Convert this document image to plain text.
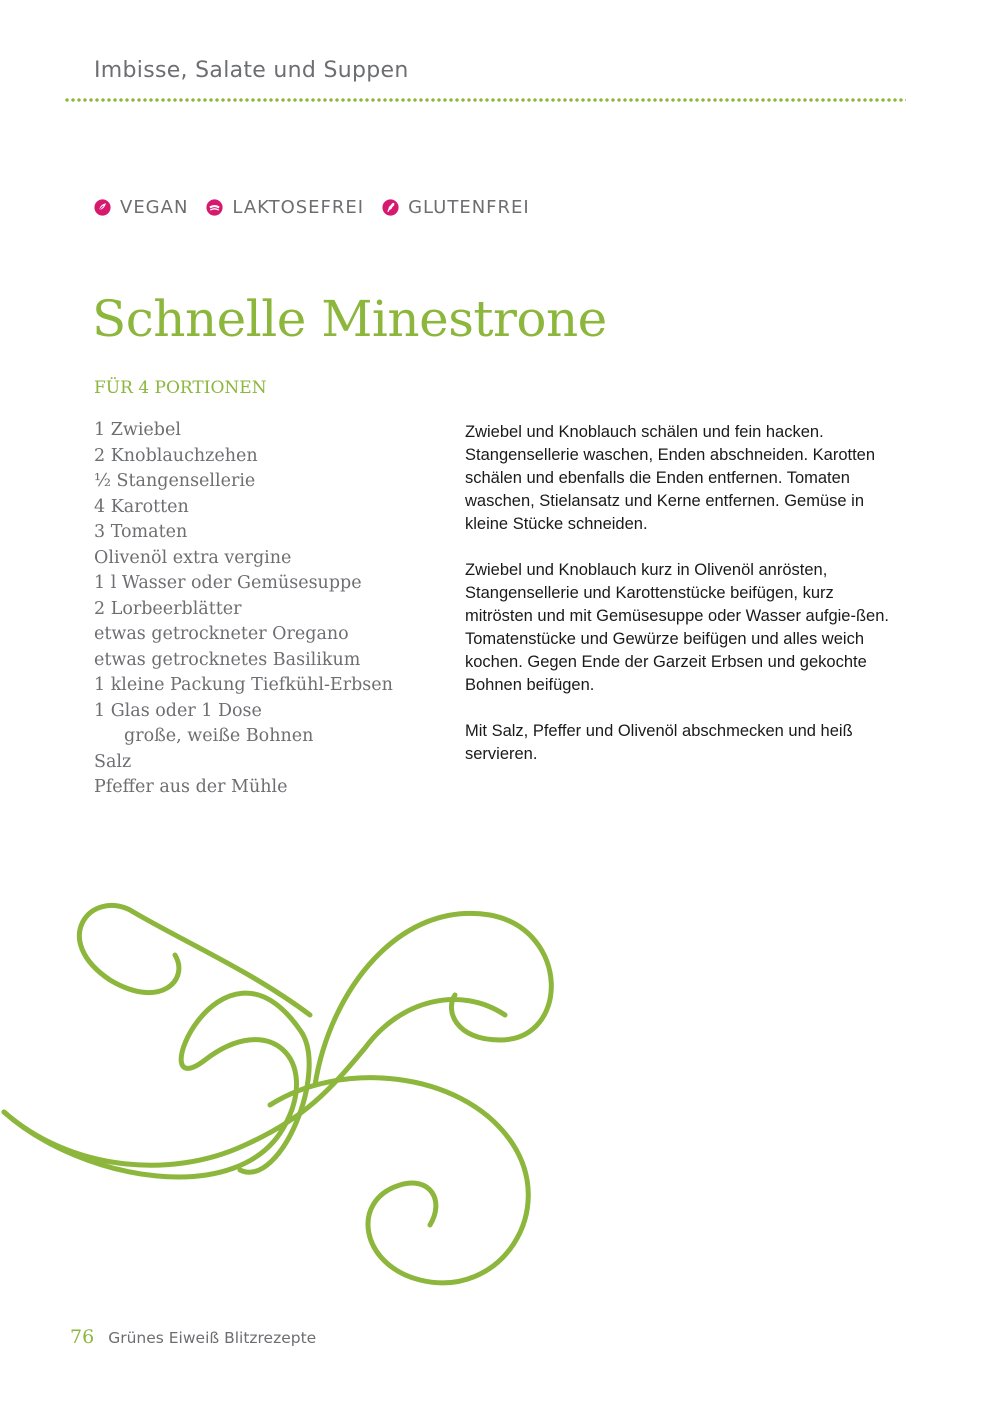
Imbisse, Salate und Suppen
VEGAN LAKTOSEFREI GLUTENFREI
Schnelle Minestrone
FÜR 4 PORTIONEN
1 Zwiebel
2 Knoblauchzehen
½ Stangensellerie
4 Karotten
3 Tomaten
Olivenöl extra vergine
1 l Wasser oder Gemüsesuppe
2 Lorbeerblätter
etwas getrockneter Oregano
etwas getrocknetes Basilikum
1 kleine Packung Tiefkühl-Erbsen
1 Glas oder 1 Dose
große, weiße Bohnen
Salz
Pfeffer aus der Mühle

Zwiebel und Knoblauch schälen und fein hacken. Stangensellerie waschen, Enden abschneiden. Karotten schälen und ebenfalls die Enden entfernen. Tomaten waschen, Stielansatz und Kerne entfernen. Gemüse in kleine Stücke schneiden.

Zwiebel und Knoblauch kurz in Olivenöl anrösten, Stangensellerie und Karottenstücke beifügen, kurz mitrösten und mit Gemüsesuppe oder Wasser aufgie-ßen. Tomatenstücke und Gewürze beifügen und alles weich kochen. Gegen Ende der Garzeit Erbsen und gekochte Bohnen beifügen.

Mit Salz, Pfeffer und Olivenöl abschmecken und heiß servieren.

76 Grünes Eiweiß Blitzrezepte
